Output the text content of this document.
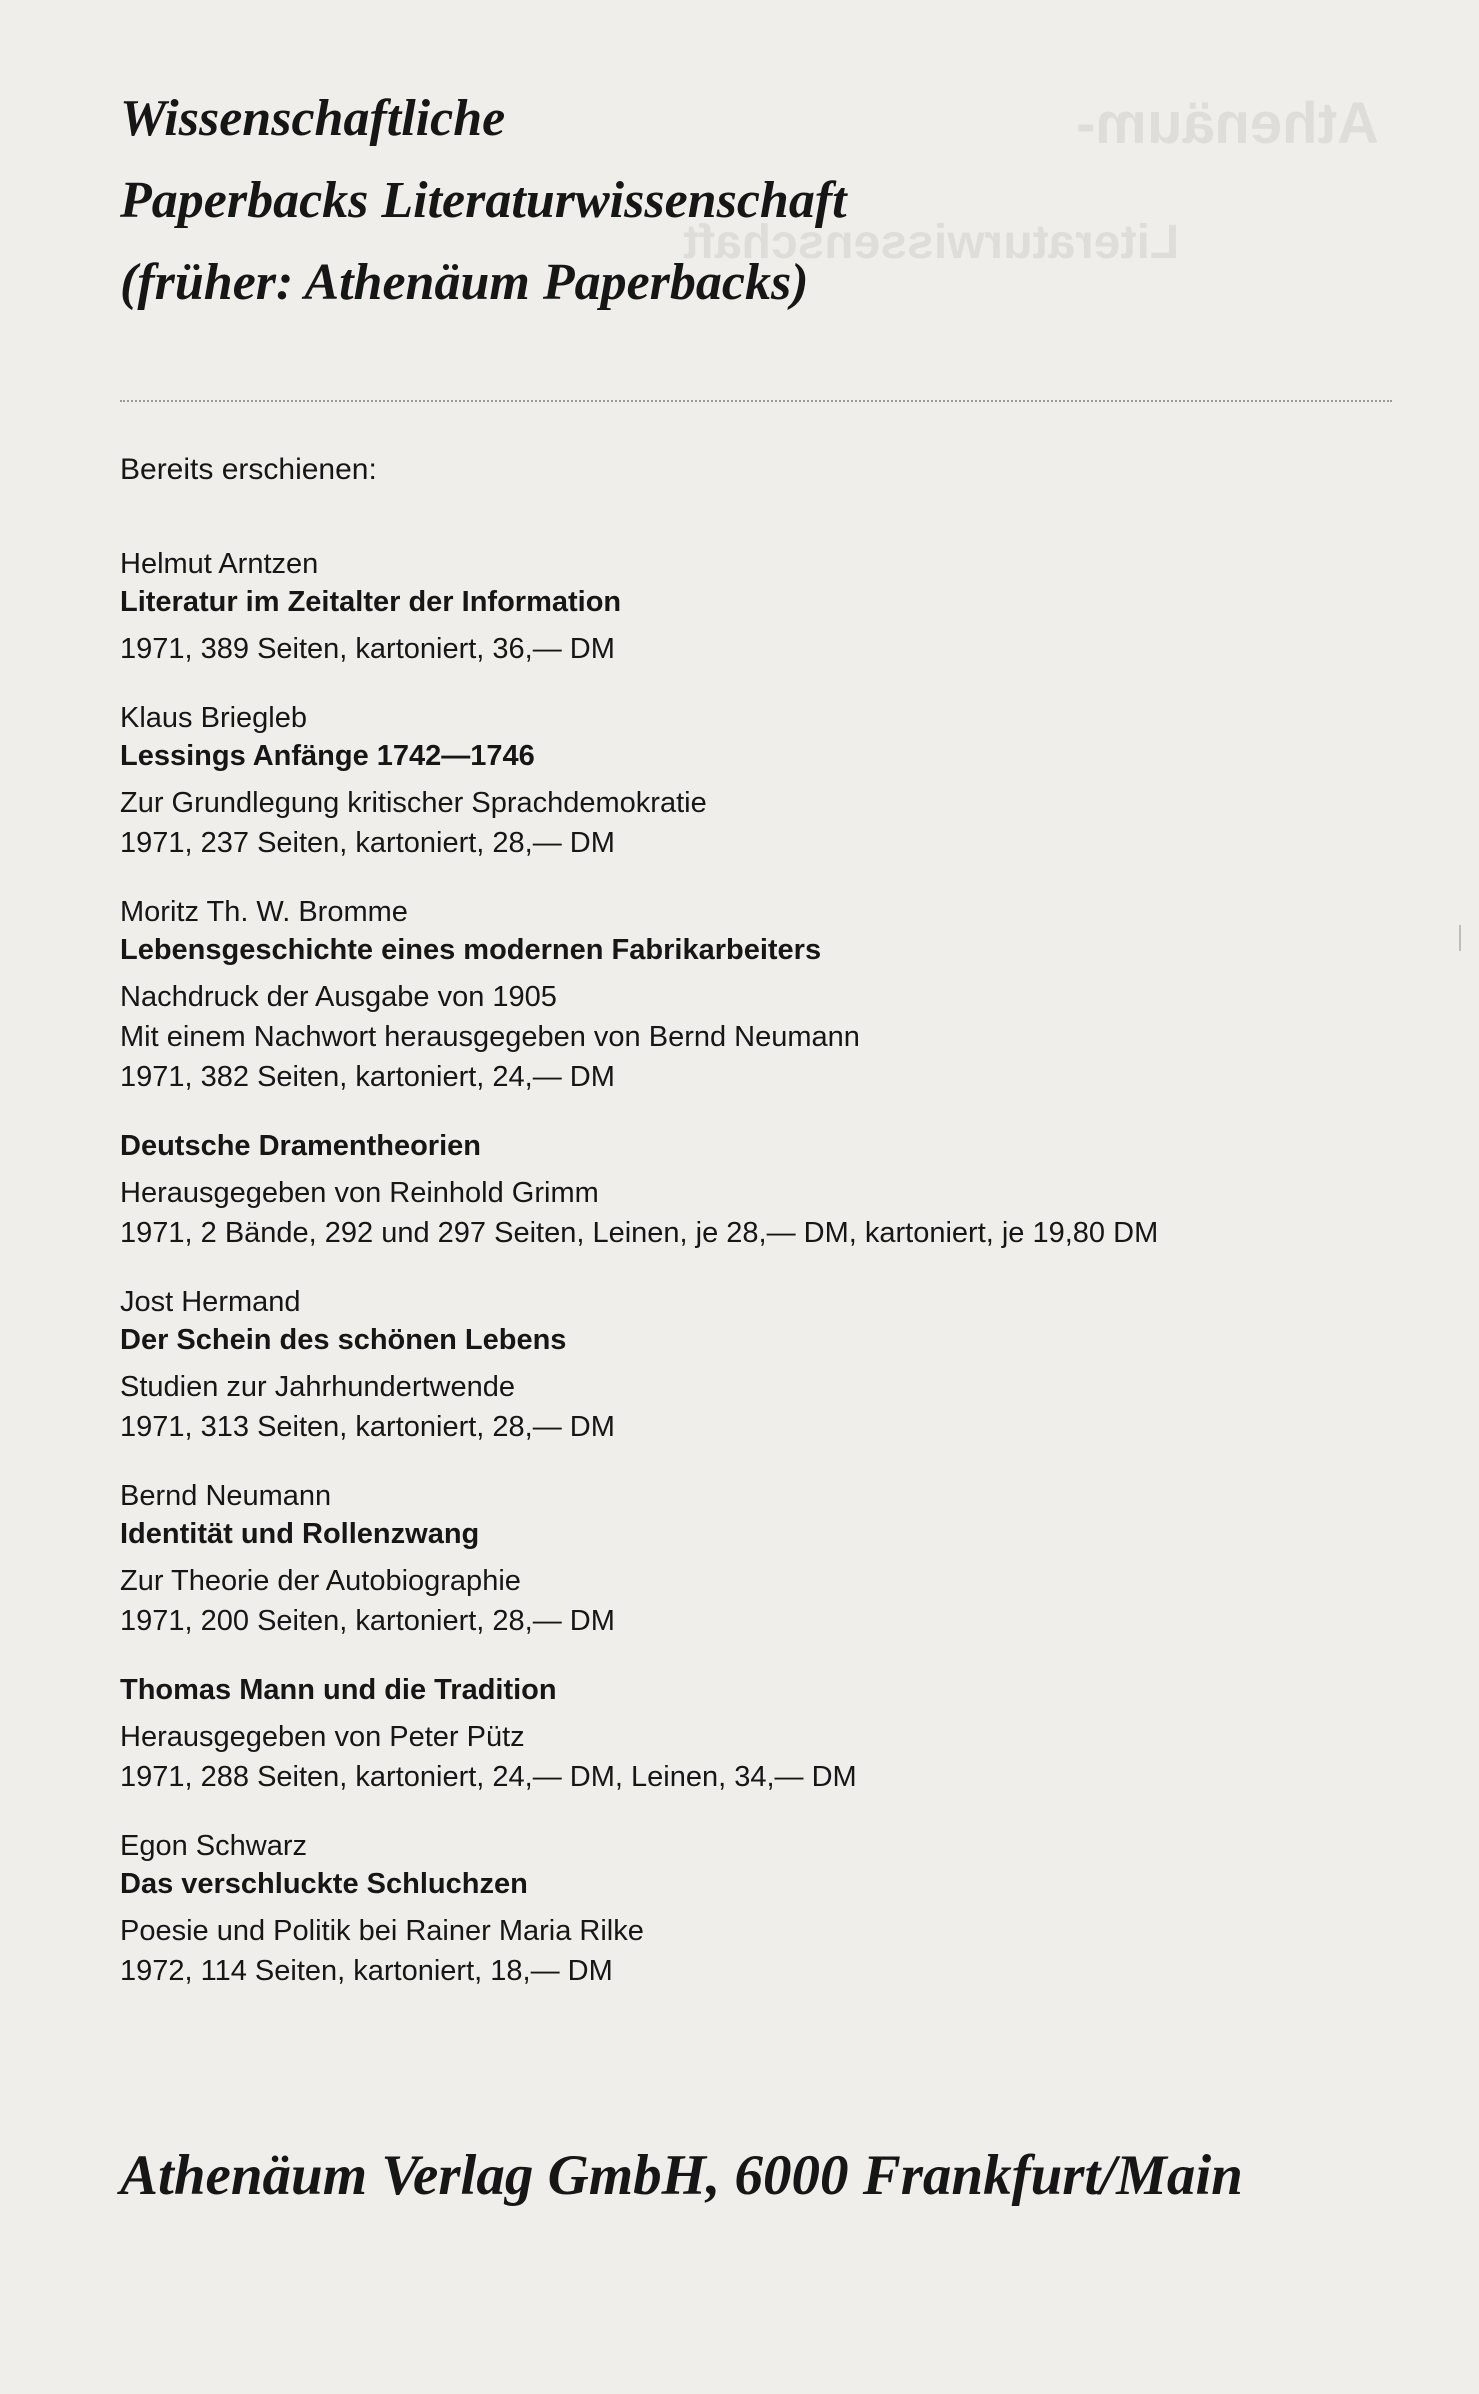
Athenäum-
Literaturwissenschaft
Wissenschaftliche
Paperbacks Literaturwissenschaft
(früher: Athenäum Paperbacks)
Bereits erschienen:
Helmut Arntzen
Literatur im Zeitalter der Information
1971, 389 Seiten, kartoniert, 36,— DM
Klaus Briegleb
Lessings Anfänge 1742—1746
Zur Grundlegung kritischer Sprachdemokratie
1971, 237 Seiten, kartoniert, 28,— DM
Moritz Th. W. Bromme
Lebensgeschichte eines modernen Fabrikarbeiters
Nachdruck der Ausgabe von 1905
Mit einem Nachwort herausgegeben von Bernd Neumann
1971, 382 Seiten, kartoniert, 24,— DM
Deutsche Dramentheorien
Herausgegeben von Reinhold Grimm
1971, 2 Bände, 292 und 297 Seiten, Leinen, je 28,— DM, kartoniert, je 19,80 DM
Jost Hermand
Der Schein des schönen Lebens
Studien zur Jahrhundertwende
1971, 313 Seiten, kartoniert, 28,— DM
Bernd Neumann
Identität und Rollenzwang
Zur Theorie der Autobiographie
1971, 200 Seiten, kartoniert, 28,— DM
Thomas Mann und die Tradition
Herausgegeben von Peter Pütz
1971, 288 Seiten, kartoniert, 24,— DM, Leinen, 34,— DM
Egon Schwarz
Das verschluckte Schluchzen
Poesie und Politik bei Rainer Maria Rilke
1972, 114 Seiten, kartoniert, 18,— DM
Athenäum Verlag GmbH, 6000 Frankfurt/Main
